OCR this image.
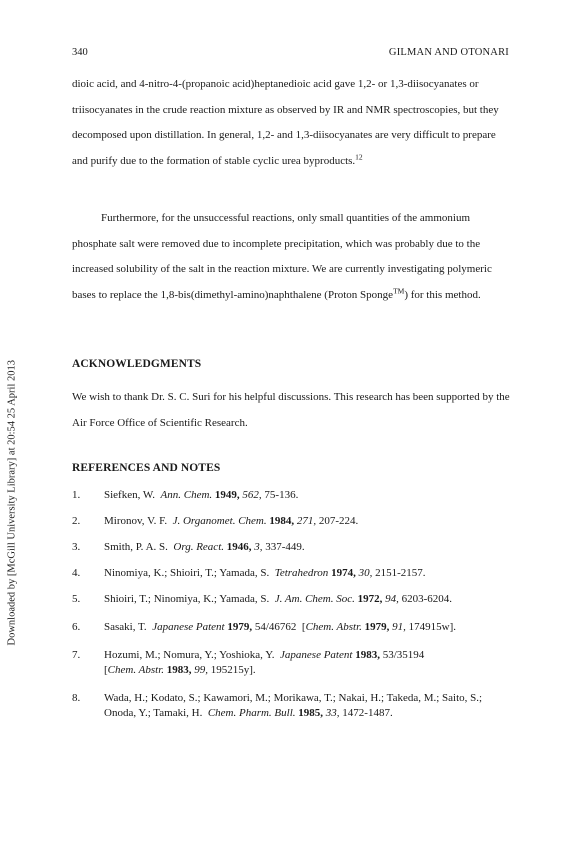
340	GILMAN AND OTONARI
Downloaded by [McGill University Library] at 20:54 25 April 2013

dioic acid, and 4-nitro-4-(propanoic acid)heptanedioic acid gave 1,2- or 1,3-diisocyanates or triisocyanates in the crude reaction mixture as observed by IR and NMR spectroscopies, but they decomposed upon distillation. In general, 1,2- and 1,3-diisocyanates are very difficult to prepare and purify due to the formation of stable cyclic urea byproducts.$^{12}$

Furthermore, for the unsuccessful reactions, only small quantities of the ammonium phosphate salt were removed due to incomplete precipitation, which was probably due to the increased solubility of the salt in the reaction mixture. We are currently investigating polymeric bases to replace the 1,8-bis(dimethyl-amino)naphthalene (Proton Sponge™) for this method.

ACKNOWLEDGMENTS
We wish to thank Dr. S. C. Suri for his helpful discussions. This research has been supported by the Air Force Office of Scientific Research.
REFERENCES AND NOTES
1. Siefken, W. Ann. Chem. 1949, 562, 75-136.
2. Mironov, V. F. J. Organomet. Chem. 1984, 271, 207-224.
3. Smith, P. A. S. Org. React. 1946, 3, 337-449.
4. Ninomiya, K.; Shioiri, T.; Yamada, S. Tetrahedron 1974, 30, 2151-2157.
5. Shioiri, T.; Ninomiya, K.; Yamada, S. J. Am. Chem. Soc. 1972, 94, 6203-6204.
6. Sasaki, T. Japanese Patent 1979, 54/46762 [Chem. Abstr. 1979, 91, 174915w].
7. Hozumi, M.; Nomura, Y.; Yoshioka, Y. Japanese Patent 1983, 53/35194
[Chem. Abstr. 1983, 99, 195215y].
8. Wada, H.; Kodato, S.; Kawamori, M.; Morikawa, T.; Nakai, H.; Takeda, M.; Saito, S.; Onoda, Y.; Tamaki, H. Chem. Pharm. Bull. 1985, 33, 1472-1487.
